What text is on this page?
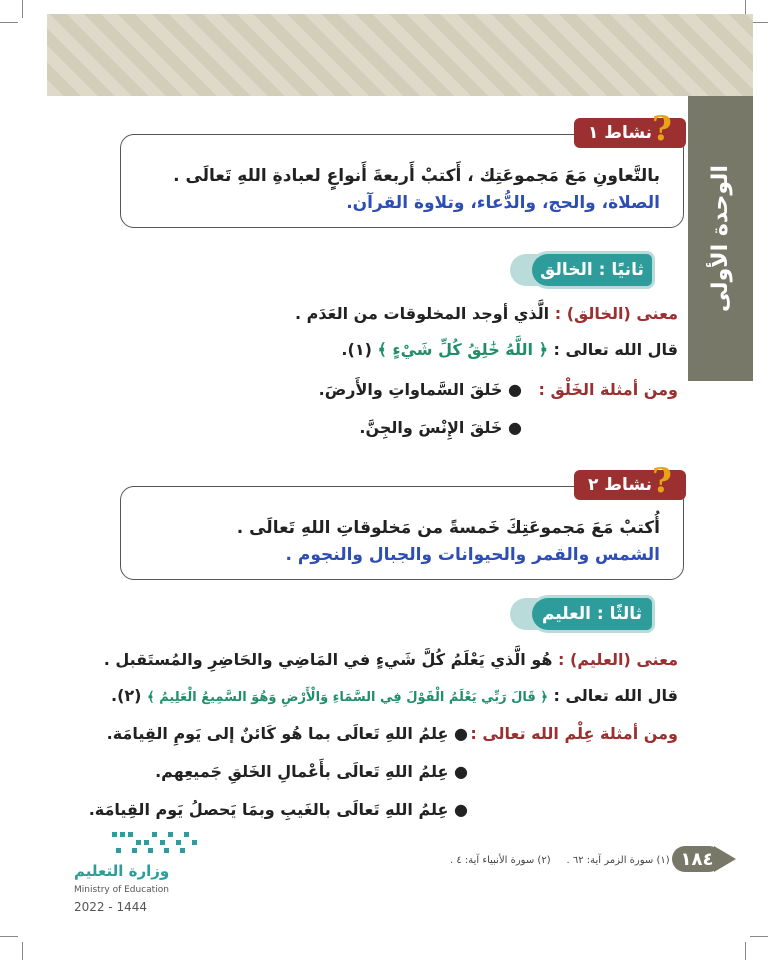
الوحدة الأولى
نشاط ١ ?
بالتَّعاونِ مَعَ مَجموعَتِك ، أَكتبْ أَربعةَ أَنواعٍ لعبادةِ اللهِ تَعالَى .
الصلاة، والحج، والدُّعاء، وتلاوة القرآن.
ثانيًا : الخالق
معنى (الخالق) : الَّذي أوجد المخلوقات من العَدَم .
قال الله تعالى : ﴿ اللَّهُ خَٰلِقُ كُلِّ شَيْءٍ ﴾ (١).
ومن أمثلة الخَلْق :
● خَلقَ السَّماواتِ والأَرضَ.
● خَلقَ الإِنْسَ والجِنَّ.
نشاط ٢ ?
أُكتبْ مَعَ مَجموعَتِكَ خَمسةً من مَخلوقاتِ اللهِ تَعالَى .
الشمس والقمر والحيوانات والجبال والنجوم .
ثالثًا : العليم
معنى (العليم) : هُو الَّذي يَعْلَمُ كُلَّ شَيءٍ في المَاضِي والحَاضِرِ والمُستَقبل .
قال الله تعالى : ﴿ قَالَ رَبِّي يَعْلَمُ الْقَوْلَ فِي السَّمَاءِ وَالْأَرْضِ وَهُوَ السَّمِيعُ الْعَلِيمُ ﴾ (٢).
ومن أمثلة عِلْم الله تعالى :
● عِلمُ اللهِ تَعالَى بما هُو كَائنٌ إلى يَومِ القِيامَة.
● عِلمُ اللهِ تَعالَى بأَعْمالِ الخَلقِ جَميعِهم.
● عِلمُ اللهِ تَعالَى بالغَيبِ وبمَا يَحصلُ يَوم القِيامَة.
(١) سورة الزمر آية: ٦٢ .     (٢) سورة الأنبياء آية: ٤ .	١٨٤
وزارة التعليم
Ministry of Education
2022 - 1444
